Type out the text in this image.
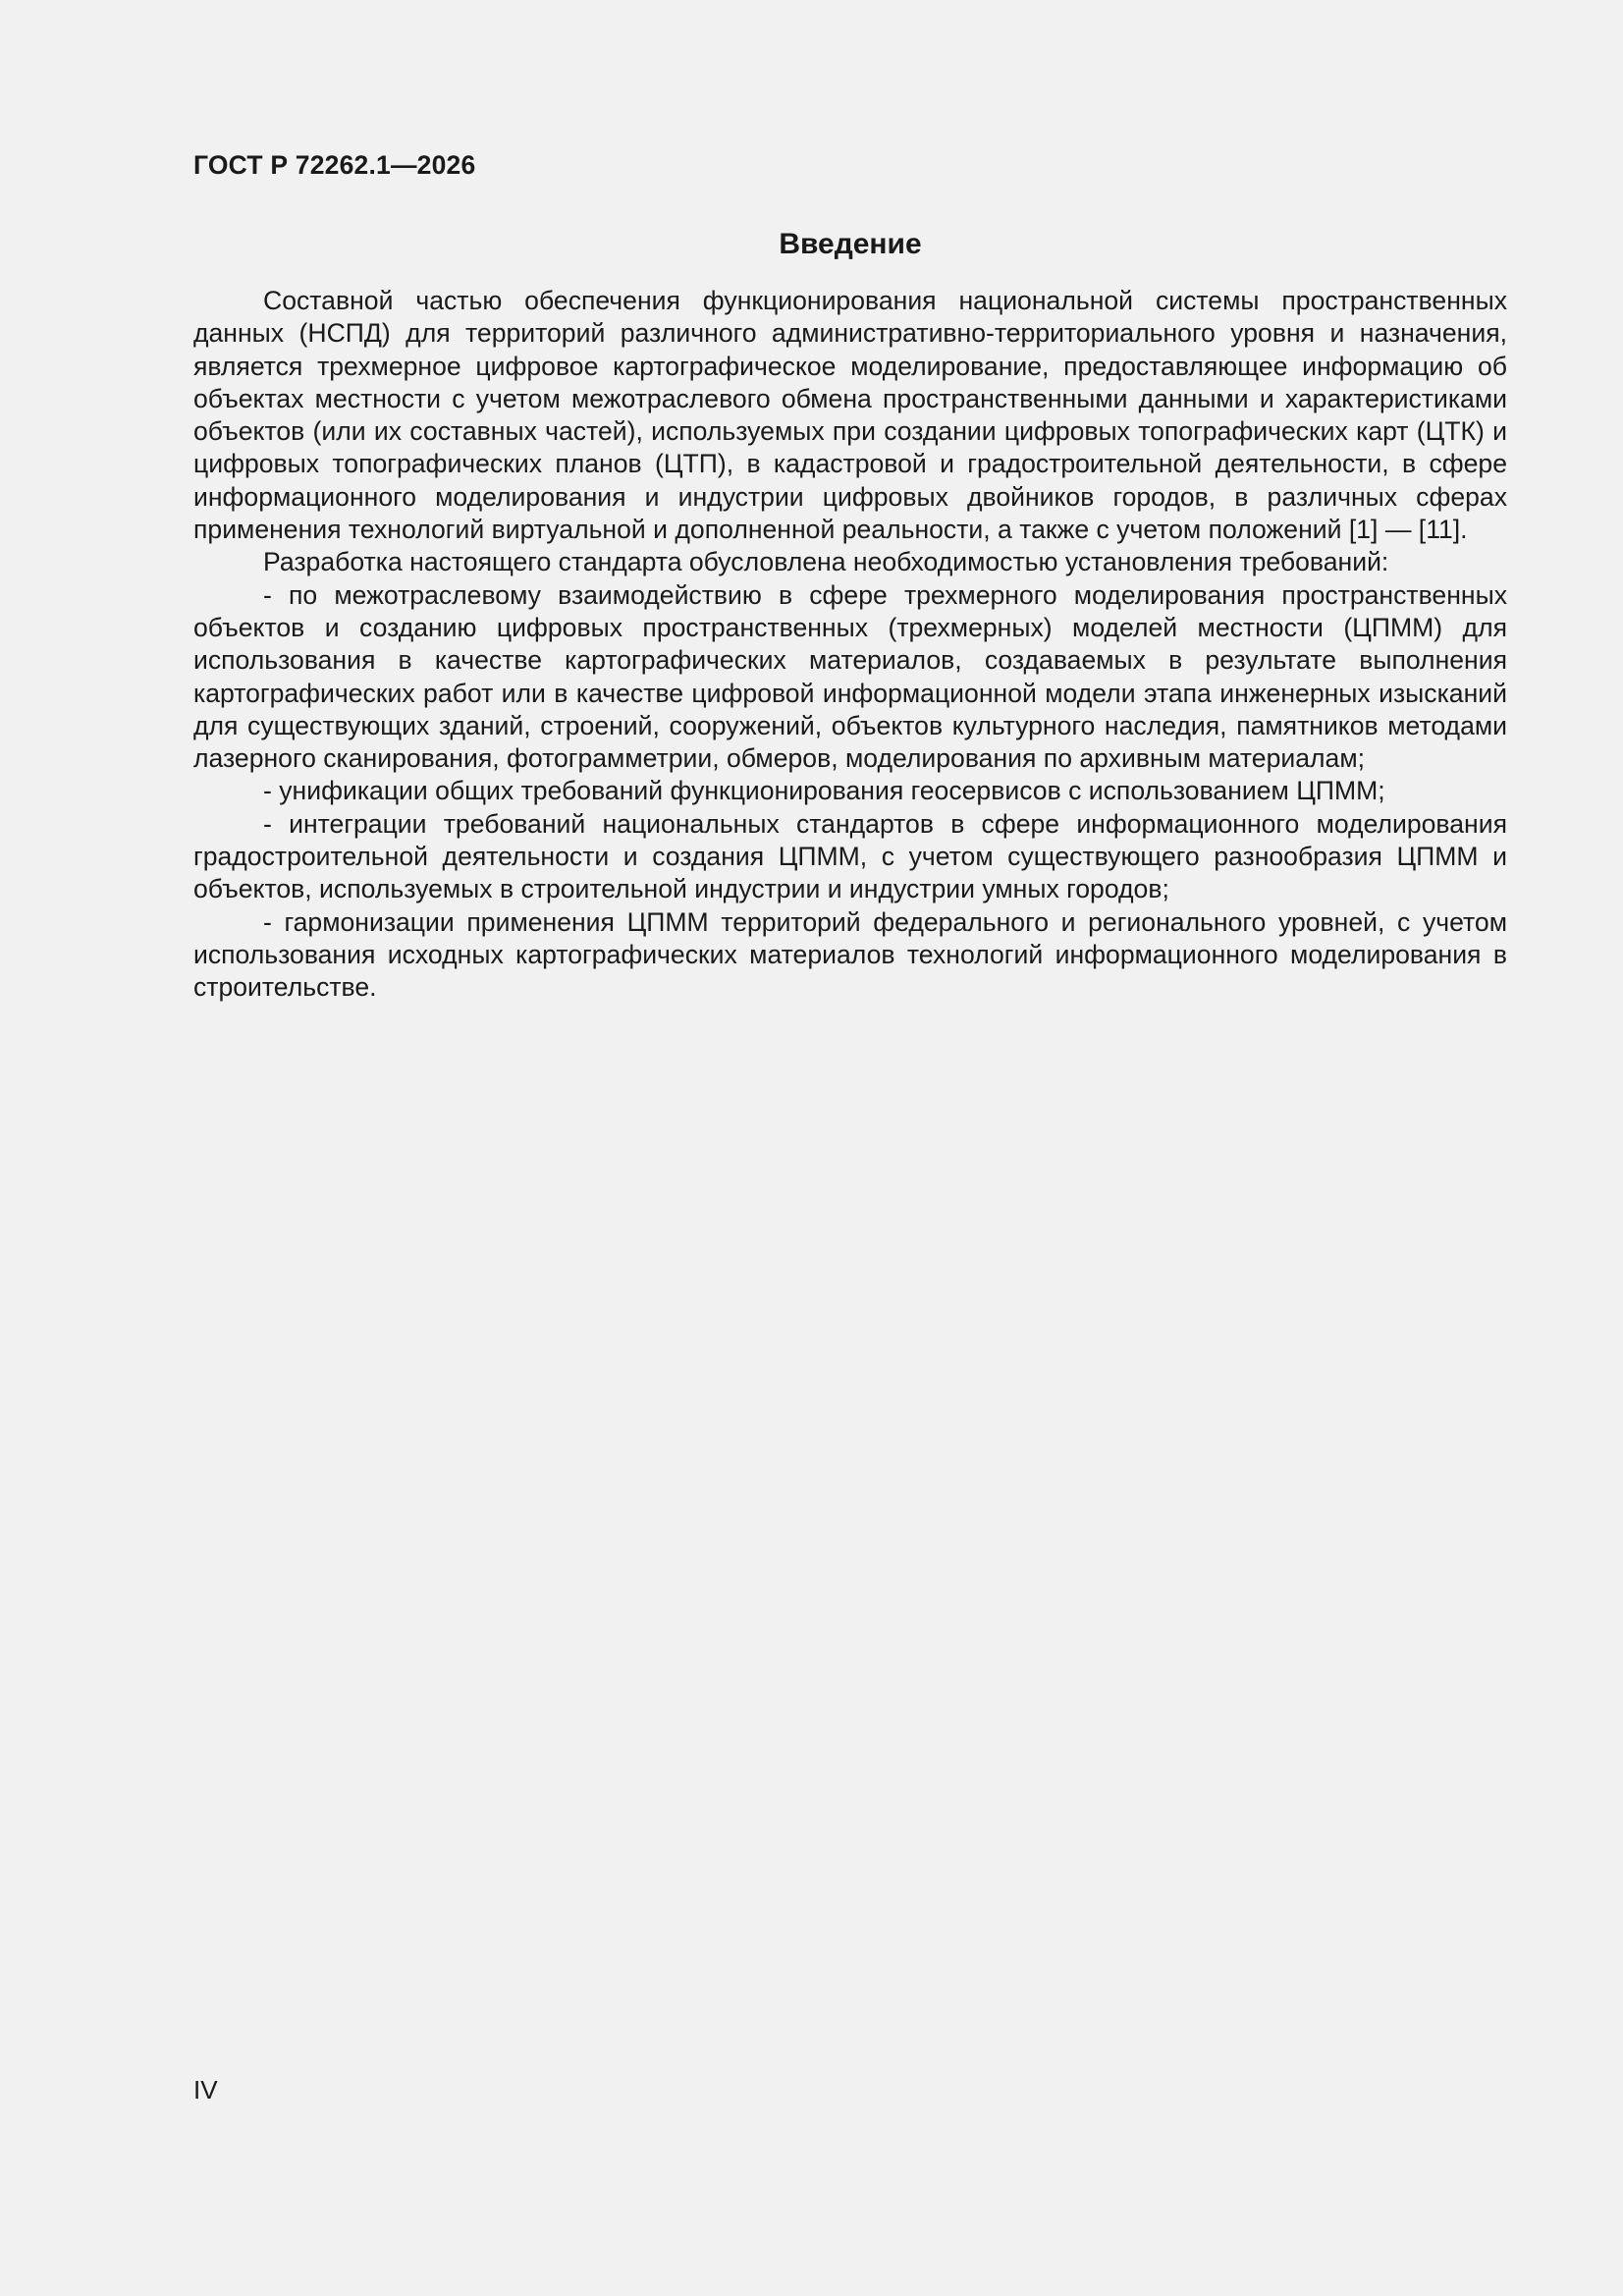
ГОСТ Р 72262.1—2026
Введение

Составной частью обеспечения функционирования национальной системы пространственных данных (НСПД) для территорий различного административно-территориального уровня и назначения, является трехмерное цифровое картографическое моделирование, предоставляющее информацию об объектах местности с учетом межотраслевого обмена пространственными данными и характеристиками объектов (или их составных частей), используемых при создании цифровых топографических карт (ЦТК) и цифровых топографических планов (ЦТП), в кадастровой и градостроительной деятельности, в сфере информационного моделирования и индустрии цифровых двойников городов, в различных сферах применения технологий виртуальной и дополненной реальности, а также с учетом положений [1] — [11].

Разработка настоящего стандарта обусловлена необходимостью установления требований:

- по межотраслевому взаимодействию в сфере трехмерного моделирования пространственных объектов и созданию цифровых пространственных (трехмерных) моделей местности (ЦПММ) для использования в качестве картографических материалов, создаваемых в результате выполнения картографических работ или в качестве цифровой информационной модели этапа инженерных изысканий для существующих зданий, строений, сооружений, объектов культурного наследия, памятников методами лазерного сканирования, фотограмметрии, обмеров, моделирования по архивным материалам;

- унификации общих требований функционирования геосервисов с использованием ЦПММ;

- интеграции требований национальных стандартов в сфере информационного моделирования градостроительной деятельности и создания ЦПММ, с учетом существующего разнообразия ЦПММ и объектов, используемых в строительной индустрии и индустрии умных городов;

- гармонизации применения ЦПММ территорий федерального и регионального уровней, с учетом использования исходных картографических материалов технологий информационного моделирования в строительстве.

IV
